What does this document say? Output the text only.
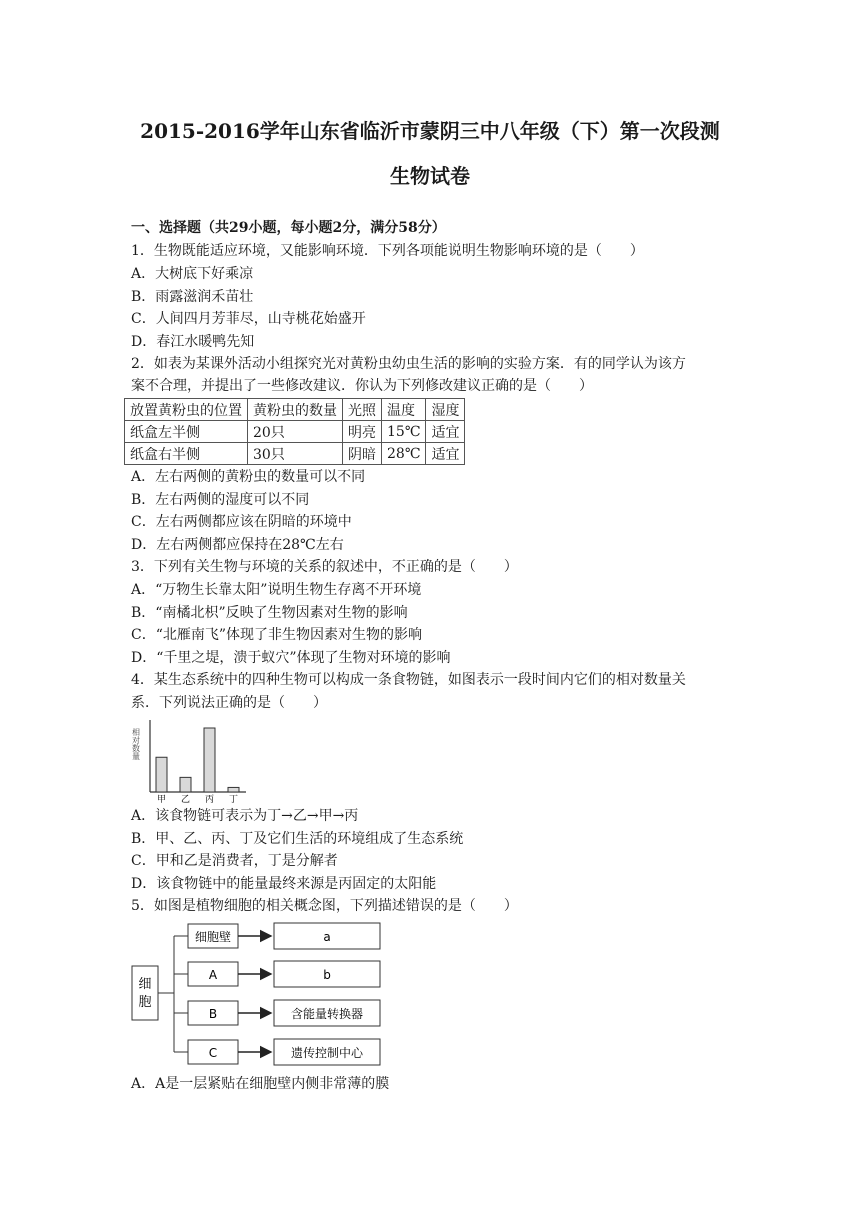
2015-2016学年山东省临沂市蒙阴三中八年级（下）第一次段测
生物试卷
一、选择题（共29小题，每小题2分，满分58分）
1．生物既能适应环境，又能影响环境．下列各项能说明生物影响环境的是（　　）
A．大树底下好乘凉
B．雨露滋润禾苗壮
C．人间四月芳菲尽，山寺桃花始盛开
D．春江水暖鸭先知
2．如表为某课外活动小组探究光对黄粉虫幼虫生活的影响的实验方案．有的同学认为该方
案不合理，并提出了一些修改建议．你认为下列修改建议正确的是（　　）
放置黄粉虫的位置	黄粉虫的数量	光照	温度	湿度
纸盒左半侧	20只	明亮	15℃	适宜
纸盒右半侧	30只	阴暗	28℃	适宜
A．左右两侧的黄粉虫的数量可以不同
B．左右两侧的湿度可以不同
C．左右两侧都应该在阴暗的环境中
D．左右两侧都应保持在28℃左右
3．下列有关生物与环境的关系的叙述中，不正确的是（　　）
A．“万物生长靠太阳”说明生物生存离不开环境
B．“南橘北枳”反映了生物因素对生物的影响
C．“北雁南飞”体现了非生物因素对生物的影响
D．“千里之堤，溃于蚁穴”体现了生物对环境的影响
4．某生态系统中的四种生物可以构成一条食物链，如图表示一段时间内它们的相对数量关
系．下列说法正确的是（　　）
相对数量
甲 乙 丙 丁
A．该食物链可表示为丁→乙→甲→丙
B．甲、乙、丙、丁及它们生活的环境组成了生态系统
C．甲和乙是消费者，丁是分解者
D．该食物链中的能量最终来源是丙固定的太阳能
5．如图是植物细胞的相关概念图，下列描述错误的是（　　）
细胞
细胞壁
A
B
C
a
b
含能量转换器
遗传控制中心
A．A是一层紧贴在细胞壁内侧非常薄的膜
